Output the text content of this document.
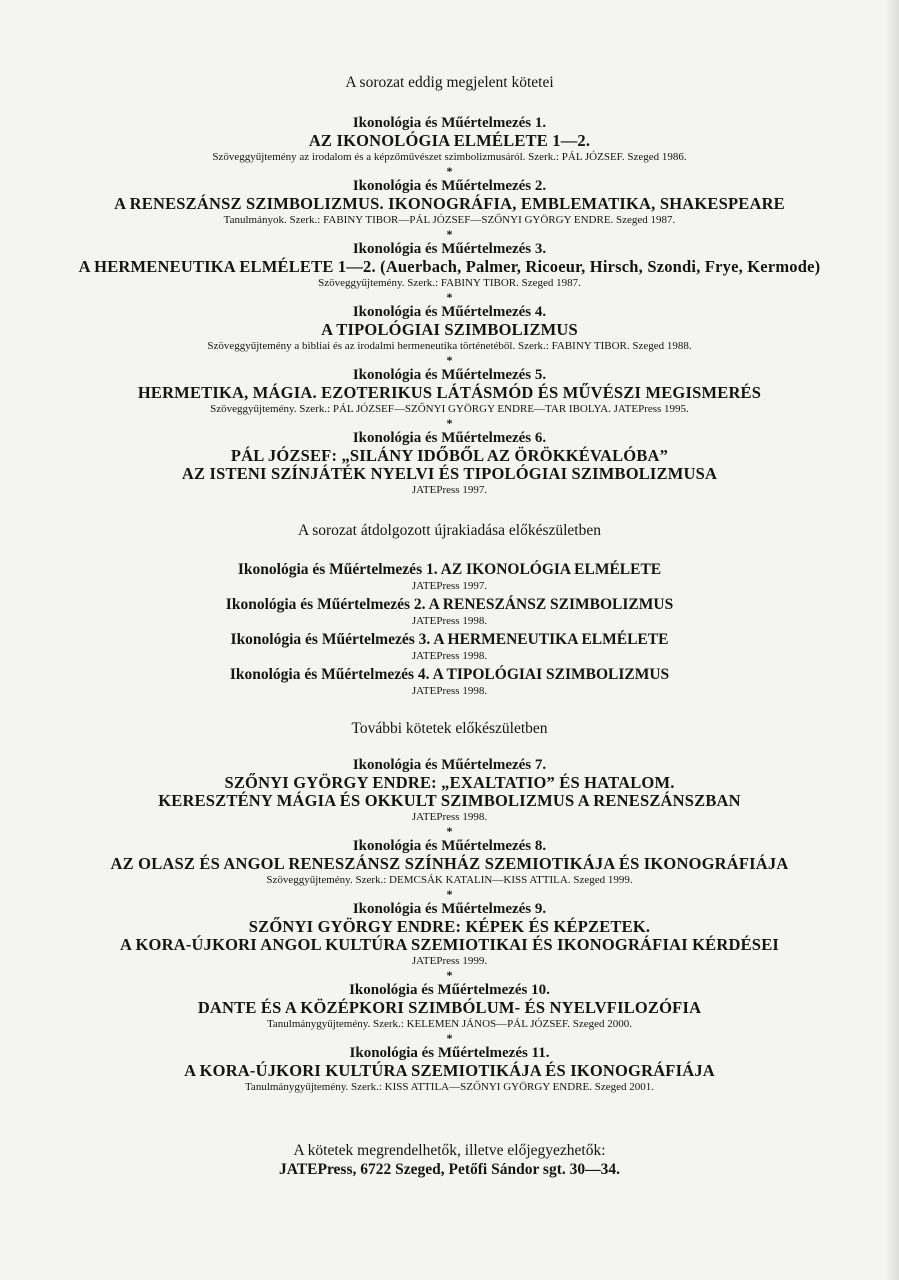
A sorozat eddig megjelent kötetei
Ikonológia és Műértelmezés 1.
AZ IKONOLÓGIA ELMÉLETE 1—2.
Szöveggyűjtemény az irodalom és a képzőművészet szimbolizmusáról. Szerk.: PÁL JÓZSEF. Szeged 1986.
*
Ikonológia és Műértelmezés 2.
A RENESZÁNSZ SZIMBOLIZMUS. IKONOGRÁFIA, EMBLEMATIKA, SHAKESPEARE
Tanulmányok. Szerk.: FABINY TIBOR—PÁL JÓZSEF—SZŐNYI GYÖRGY ENDRE. Szeged 1987.
*
Ikonológia és Műértelmezés 3.
A HERMENEUTIKA ELMÉLETE 1—2. (Auerbach, Palmer, Ricoeur, Hirsch, Szondi, Frye, Kermode)
Szöveggyűjtemény. Szerk.: FABINY TIBOR. Szeged 1987.
*
Ikonológia és Műértelmezés 4.
A TIPOLÓGIAI SZIMBOLIZMUS
Szöveggyűjtemény a bibliai és az irodalmi hermeneutika történetéből. Szerk.: FABINY TIBOR. Szeged 1988.
*
Ikonológia és Műértelmezés 5.
HERMETIKA, MÁGIA. EZOTERIKUS LÁTÁSMÓD ÉS MŰVÉSZI MEGISMERÉS
Szöveggyűjtemény. Szerk.: PÁL JÓZSEF—SZŐNYI GYÖRGY ENDRE—TAR IBOLYA. JATEPress 1995.
*
Ikonológia és Műértelmezés 6.
PÁL JÓZSEF: „SILÁNY IDŐBŐL AZ ÖRÖKKÉVALÓBA”
AZ ISTENI SZÍNJÁTÉK NYELVI ÉS TIPOLÓGIAI SZIMBOLIZMUSA
JATEPress 1997.
A sorozat átdolgozott újrakiadása előkészületben
Ikonológia és Műértelmezés 1. AZ IKONOLÓGIA ELMÉLETE
JATEPress 1997.
Ikonológia és Műértelmezés 2. A RENESZÁNSZ SZIMBOLIZMUS
JATEPress 1998.
Ikonológia és Műértelmezés 3. A HERMENEUTIKA ELMÉLETE
JATEPress 1998.
Ikonológia és Műértelmezés 4. A TIPOLÓGIAI SZIMBOLIZMUS
JATEPress 1998.
További kötetek előkészületben
Ikonológia és Műértelmezés 7.
SZŐNYI GYÖRGY ENDRE: „EXALTATIO” ÉS HATALOM.
KERESZTÉNY MÁGIA ÉS OKKULT SZIMBOLIZMUS A RENESZÁNSZBAN
JATEPress 1998.
*
Ikonológia és Műértelmezés 8.
AZ OLASZ ÉS ANGOL RENESZÁNSZ SZÍNHÁZ SZEMIOTIKÁJA ÉS IKONOGRÁFIÁJA
Szöveggyűjtemény. Szerk.: DEMCSÁK KATALIN—KISS ATTILA. Szeged 1999.
*
Ikonológia és Műértelmezés 9.
SZŐNYI GYÖRGY ENDRE: KÉPEK ÉS KÉPZETEK.
A KORA-ÚJKORI ANGOL KULTÚRA SZEMIOTIKAI ÉS IKONOGRÁFIAI KÉRDÉSEI
JATEPress 1999.
*
Ikonológia és Műértelmezés 10.
DANTE ÉS A KÖZÉPKORI SZIMBÓLUM- ÉS NYELVFILOZÓFIA
Tanulmánygyűjtemény. Szerk.: KELEMEN JÁNOS—PÁL JÓZSEF. Szeged 2000.
*
Ikonológia és Műértelmezés 11.
A KORA-ÚJKORI KULTÚRA SZEMIOTIKÁJA ÉS IKONOGRÁFIÁJA
Tanulmánygyűjtemény. Szerk.: KISS ATTILA—SZŐNYI GYÖRGY ENDRE. Szeged 2001.
A kötetek megrendelhetők, illetve előjegyezhetők:
JATEPress, 6722 Szeged, Petőfi Sándor sgt. 30—34.
